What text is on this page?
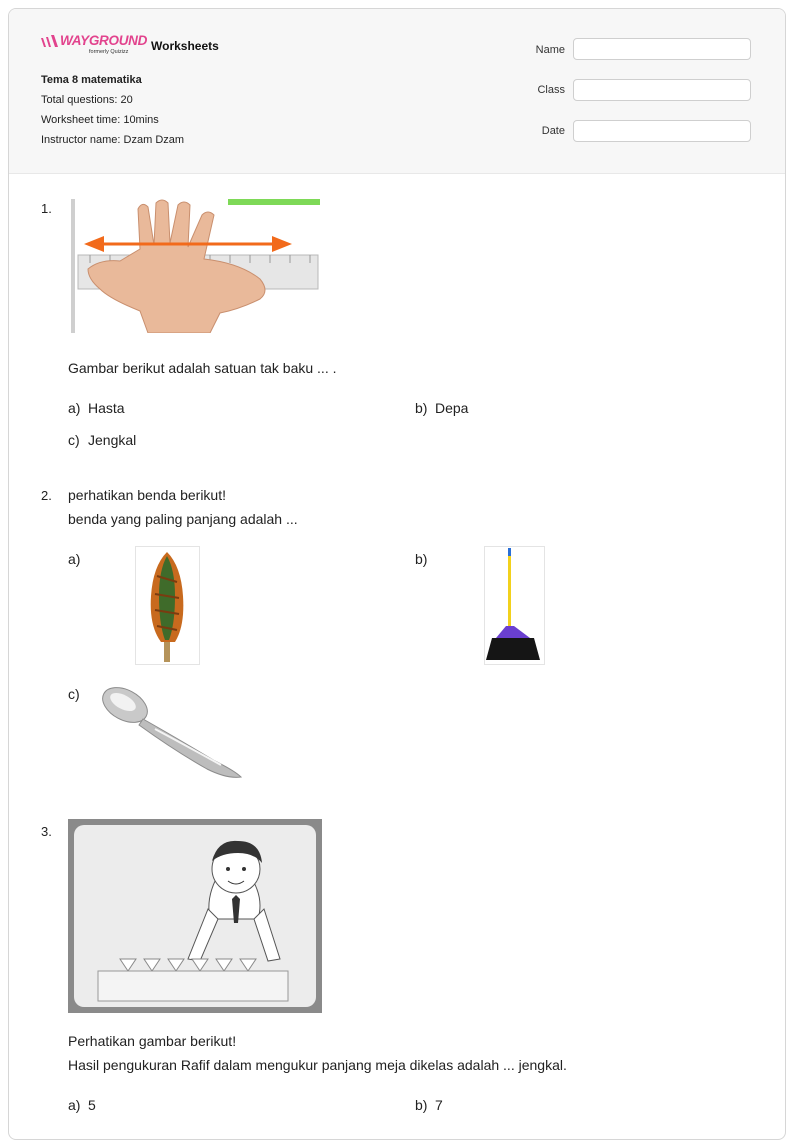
WAYGROUND
formerly Quizizz Worksheets
Tema 8 matematika
Total questions: 20
Worksheet time: 10mins
Instructor name: Dzam Dzam
Name
Class
Date
1.
Gambar berikut adalah satuan tak baku ... .
a) Hasta	b) Depa
c) Jengkal
2. perhatikan benda berikut!
benda yang paling panjang adalah ...
a)	b)
c)
3.
Perhatikan gambar berikut!
Hasil pengukuran Rafif dalam mengukur panjang meja dikelas adalah ... jengkal.
a) 5	b) 7
